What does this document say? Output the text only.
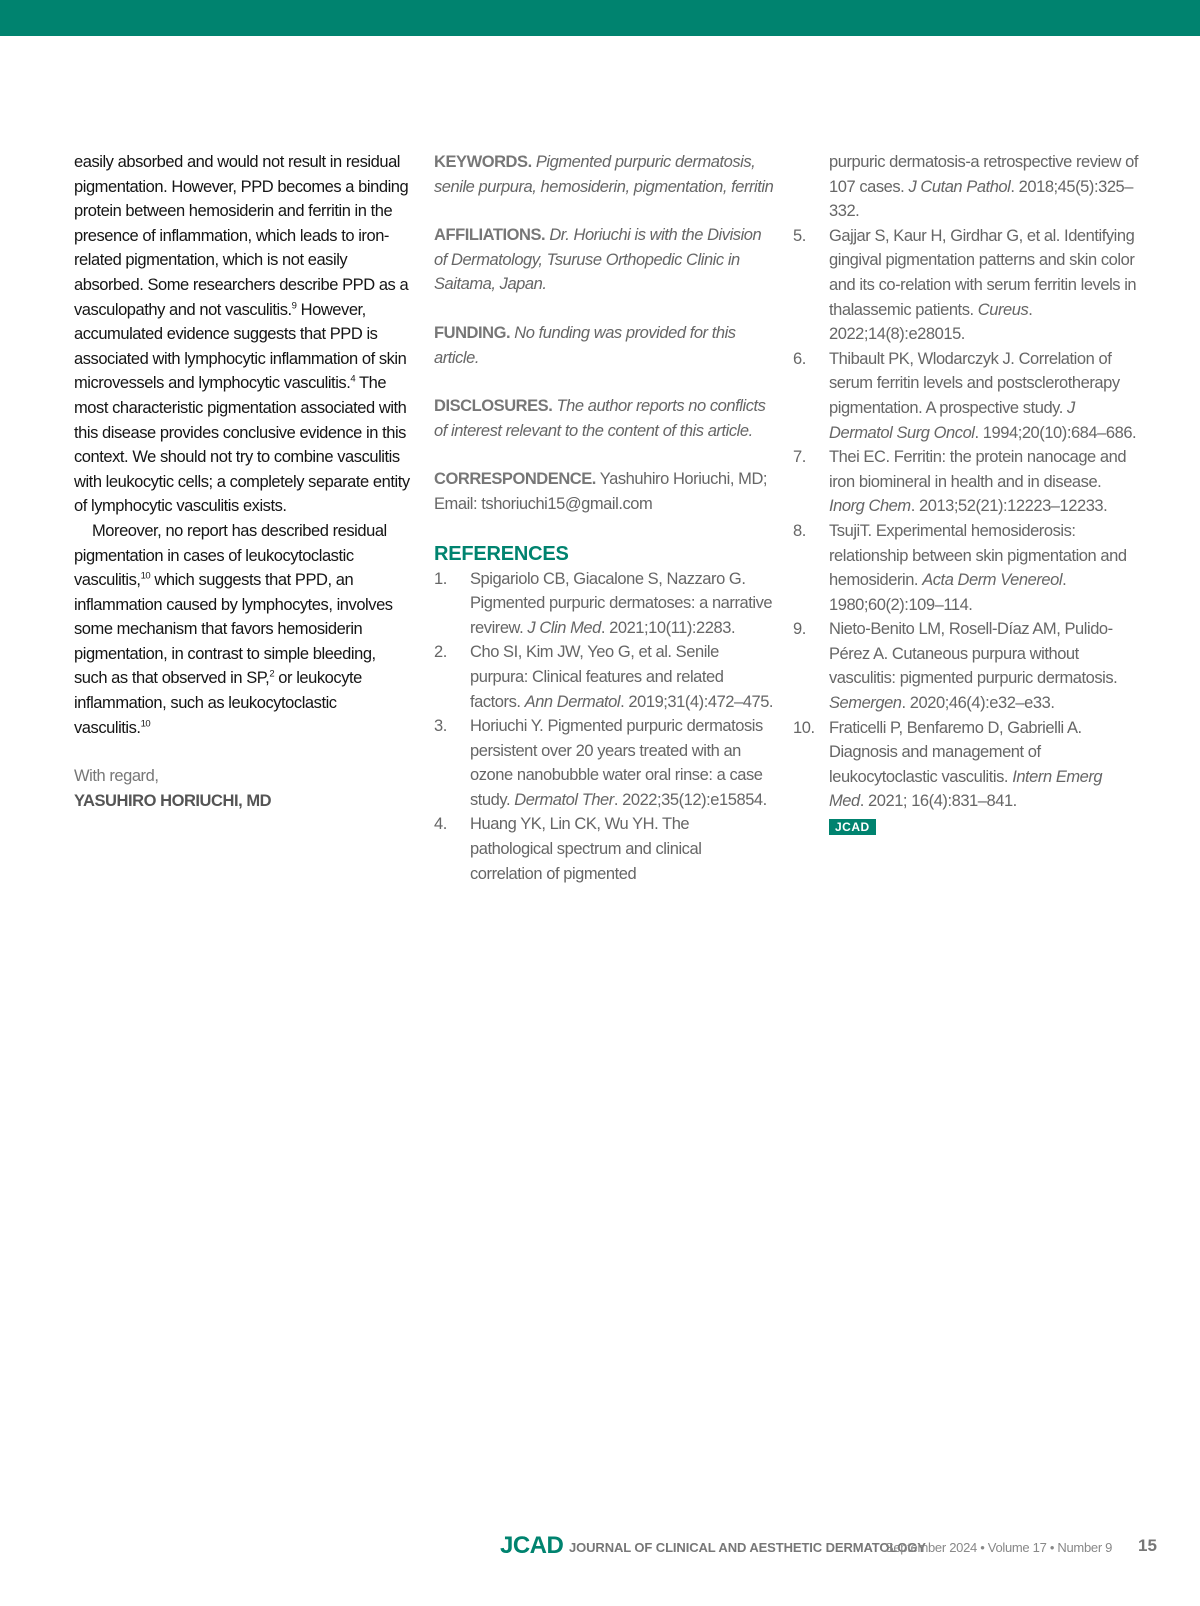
easily absorbed and would not result in residual pigmentation. However, PPD becomes a binding protein between hemosiderin and ferritin in the presence of inflammation, which leads to iron-related pigmentation, which is not easily absorbed. Some researchers describe PPD as a vasculopathy and not vasculitis.$^9$ However, accumulated evidence suggests that PPD is associated with lymphocytic inflammation of skin microvessels and lymphocytic vasculitis.$^4$ The most characteristic pigmentation associated with this disease provides conclusive evidence in this context. We should not try to combine vasculitis with leukocytic cells; a completely separate entity of lymphocytic vasculitis exists.

Moreover, no report has described residual pigmentation in cases of leukocytoclastic vasculitis,$^{10}$ which suggests that PPD, an inflammation caused by lymphocytes, involves some mechanism that favors hemosiderin pigmentation, in contrast to simple bleeding, such as that observed in SP,$^2$ or leukocyte inflammation, such as leukocytoclastic vasculitis.$^{10}$

With regard,
YASUHIRO HORIUCHI, MD
KEYWORDS. Pigmented purpuric dermatosis, senile purpura, hemosiderin, pigmentation, ferritin
AFFILIATIONS. Dr. Horiuchi is with the Division of Dermatology, Tsuruse Orthopedic Clinic in Saitama, Japan.
FUNDING. No funding was provided for this article.
DISCLOSURES. The author reports no conflicts of interest relevant to the content of this article.
CORRESPONDENCE. Yashuhiro Horiuchi, MD; Email: tshoriuchi15@gmail.com
REFERENCES
1. Spigariolo CB, Giacalone S, Nazzaro G. Pigmented purpuric dermatoses: a narrative revirew. J Clin Med. 2021;10(11):2283.
2. Cho SI, Kim JW, Yeo G, et al. Senile purpura: Clinical features and related factors. Ann Dermatol. 2019;31(4):472–475.
3. Horiuchi Y. Pigmented purpuric dermatosis persistent over 20 years treated with an ozone nanobubble water oral rinse: a case study. Dermatol Ther. 2022;35(12):e15854.
4. Huang YK, Lin CK, Wu YH. The pathological spectrum and clinical correlation of pigmented
purpuric dermatosis-a retrospective review of 107 cases. J Cutan Pathol. 2018;45(5):325–332.
5. Gajjar S, Kaur H, Girdhar G, et al. Identifying gingival pigmentation patterns and skin color and its co-relation with serum ferritin levels in thalassemic patients. Cureus. 2022;14(8):e28015.
6. Thibault PK, Wlodarczyk J. Correlation of serum ferritin levels and postsclerotherapy pigmentation. A prospective study. J Dermatol Surg Oncol. 1994;20(10):684–686.
7. Thei EC. Ferritin: the protein nanocage and iron biomineral in health and in disease. Inorg Chem. 2013;52(21):12223–12233.
8. TsujiT. Experimental hemosiderosis: relationship between skin pigmentation and hemosiderin. Acta Derm Venereol. 1980;60(2):109–114.
9. Nieto-Benito LM, Rosell-Díaz AM, Pulido-Pérez A. Cutaneous purpura without vasculitis: pigmented purpuric dermatosis. Semergen. 2020;46(4):e32–e33.
10. Fraticelli P, Benfaremo D, Gabrielli A. Diagnosis and management of leukocytoclastic vasculitis. Intern Emerg Med. 2021; 16(4):831–841.
JCAD
JCAD JOURNAL OF CLINICAL AND AESTHETIC DERMATOLOGY
September 2024 • Volume 17 • Number 9 15
